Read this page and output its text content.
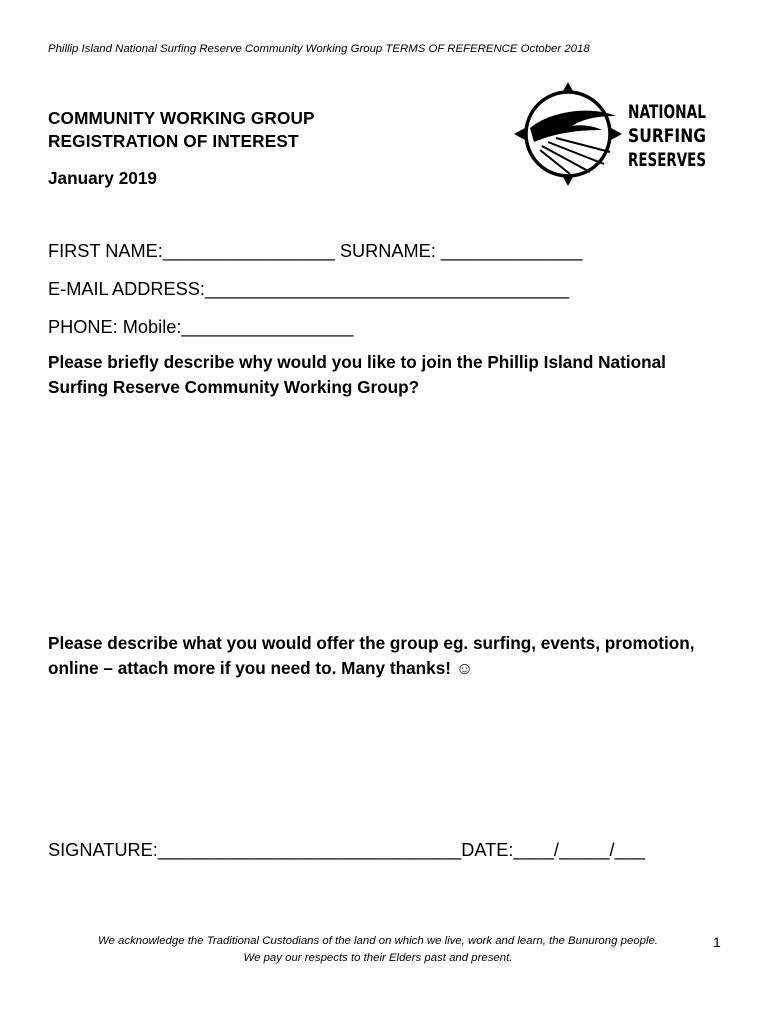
Phillip Island National Surfing Reserve Community Working Group TERMS OF REFERENCE October 2018
COMMUNITY WORKING GROUP
REGISTRATION OF INTEREST
January 2019
NATIONAL
SURFING
RESERVES
FIRST NAME:_________________ SURNAME: ______________
E-MAIL ADDRESS:____________________________________
PHONE: Mobile:_________________
Please briefly describe why would you like to join the Phillip Island National Surfing Reserve Community Working Group?
Please describe what you would offer the group eg. surfing, events, promotion, online – attach more if you need to. Many thanks! ☺
SIGNATURE:______________________________DATE:____/_____/___
We acknowledge the Traditional Custodians of the land on which we live, work and learn, the Bunurong people.
We pay our respects to their Elders past and present.
1
